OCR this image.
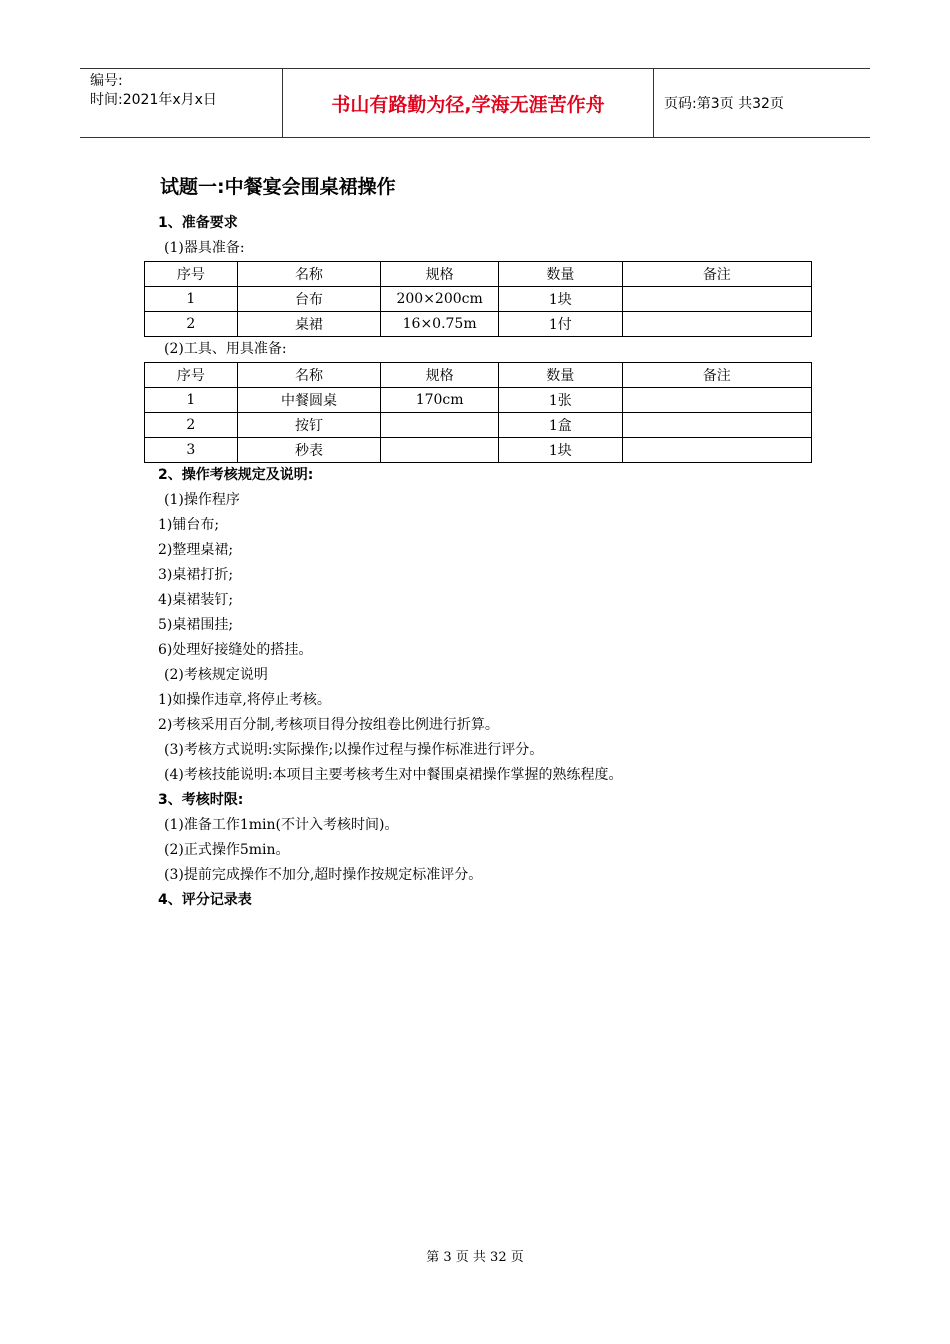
编号:
时间:2021年x月x日	书山有路勤为径,学海无涯苦作舟	页码:第3页 共32页
试题一:中餐宴会围桌裙操作
1、准备要求
(1)器具准备:
序号	名称	规格	数量	备注
1	台布	200×200cm	1块	
2	桌裙	16×0.75m	1付	
(2)工具、用具准备:
序号	名称	规格	数量	备注
1	中餐圆桌	170cm	1张	
2	按钉		1盒	
3	秒表		1块	
2、操作考核规定及说明:
(1)操作程序
1)铺台布;
2)整理桌裙;
3)桌裙打折;
4)桌裙装钉;
5)桌裙围挂;
6)处理好接缝处的搭挂。
(2)考核规定说明
1)如操作违章,将停止考核。
2)考核采用百分制,考核项目得分按组卷比例进行折算。
(3)考核方式说明:实际操作;以操作过程与操作标准进行评分。
(4)考核技能说明:本项目主要考核考生对中餐围桌裙操作掌握的熟练程度。
3、考核时限:
(1)准备工作1min(不计入考核时间)。
(2)正式操作5min。
(3)提前完成操作不加分,超时操作按规定标准评分。
4、评分记录表
第 3 页 共 32 页
